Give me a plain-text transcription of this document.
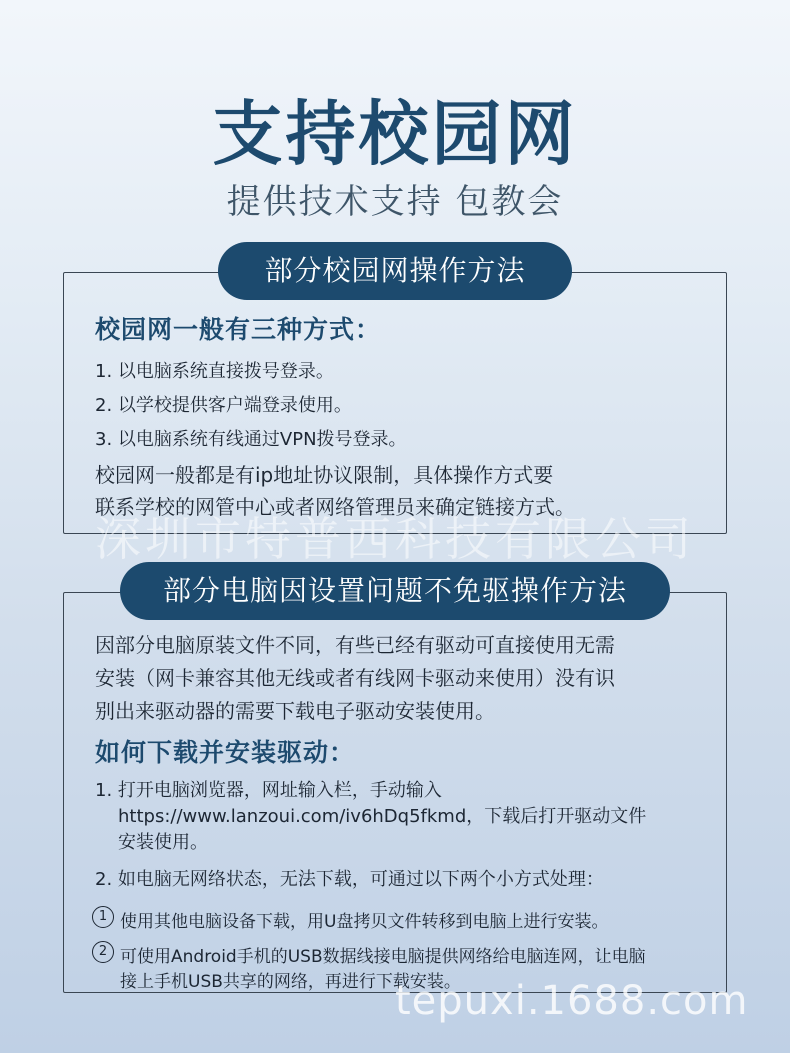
支持校园网
提供技术支持 包教会
部分校园网操作方法
校园网一般有三种方式：
1. 以电脑系统直接拨号登录。
2. 以学校提供客户端登录使用。
3. 以电脑系统有线通过VPN拨号登录。
校园网一般都是有ip地址协议限制，具体操作方式要
联系学校的网管中心或者网络管理员来确定链接方式。
部分电脑因设置问题不免驱操作方法
因部分电脑原装文件不同，有些已经有驱动可直接使用无需
安装（网卡兼容其他无线或者有线网卡驱动来使用）没有识
别出来驱动器的需要下载电子驱动安装使用。
如何下载并安装驱动：
1. 打开电脑浏览器，网址输入栏，手动输入
https://www.lanzoui.com/iv6hDq5fkmd，下载后打开驱动文件
安装使用。
2. 如电脑无网络状态，无法下载，可通过以下两个小方式处理：
1 使用其他电脑设备下载，用U盘拷贝文件转移到电脑上进行安装。
2 可使用Android手机的USB数据线接电脑提供网络给电脑连网，让电脑
接上手机USB共享的网络，再进行下载安装。
深圳市特普西科技有限公司
tepuxi.1688.com
